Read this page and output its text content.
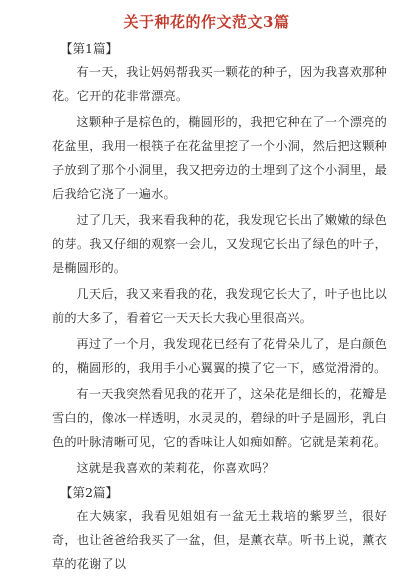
关于种花的作文范文3篇
【第1篇】

有一天，我让妈妈帮我买一颗花的种子，因为我喜欢那种花。它开的花非常漂亮。

这颗种子是棕色的，椭圆形的，我把它种在了一个漂亮的花盆里，我用一根筷子在花盆里挖了一个小洞，然后把这颗种子放到了那个小洞里，我又把旁边的土埋到了这个小洞里，最后我给它浇了一遍水。

过了几天，我来看我种的花，我发现它长出了嫩嫩的绿色的芽。我又仔细的观察一会儿，又发现它长出了绿色的叶子，是椭圆形的。

几天后，我又来看我的花，我发现它长大了，叶子也比以前的大多了，看着它一天天长大我心里很高兴。

再过了一个月，我发现花已经有了花骨朵儿了，是白颜色的，椭圆形的，我用手小心翼翼的摸了它一下，感觉滑滑的。

有一天我突然看见我的花开了，这朵花是细长的，花瓣是雪白的，像冰一样透明，水灵灵的，碧绿的叶子是圆形，乳白色的叶脉清晰可见，它的香味让人如痴如醉。它就是茉莉花。

这就是我喜欢的茉莉花，你喜欢吗？

【第2篇】

在大姨家，我看见姐姐有一盆无土栽培的紫罗兰，很好奇，也让爸爸给我买了一盆，但，是薰衣草。听书上说，薰衣草的花谢了以
